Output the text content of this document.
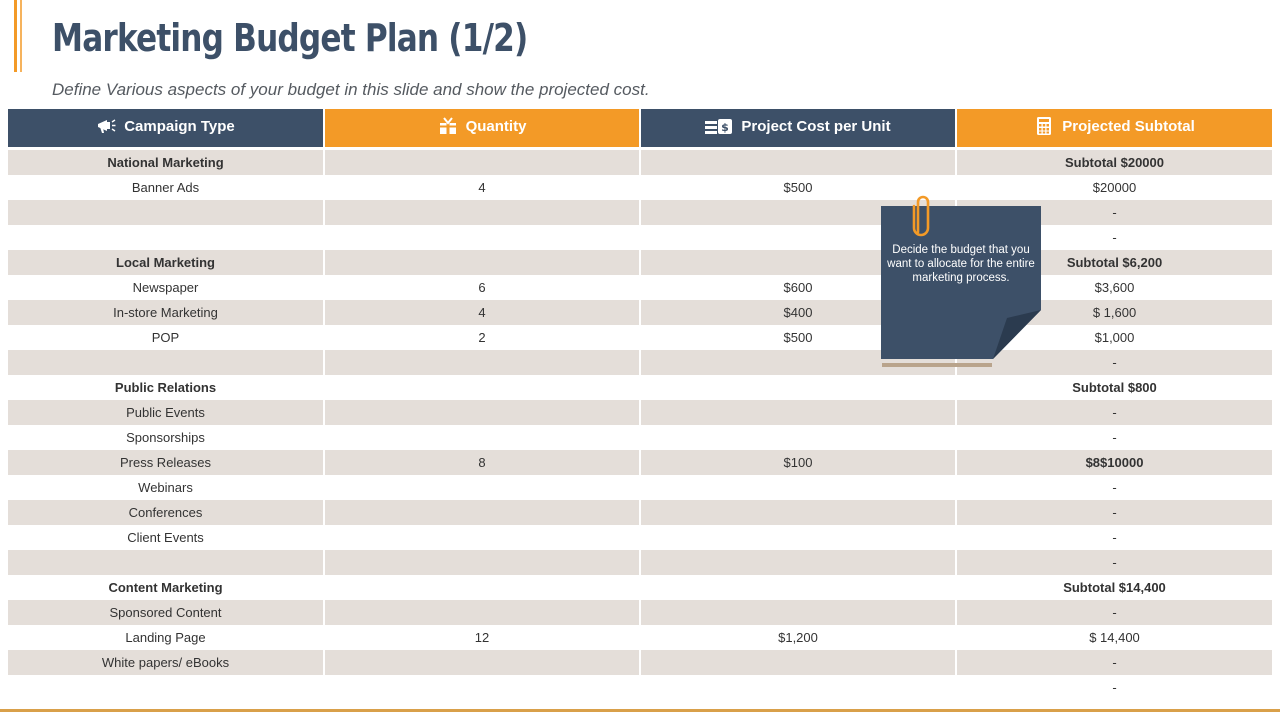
Marketing Budget Plan (1/2)
Define Various aspects of your budget in this slide and show the projected cost.
Campaign Type	Quantity	$ Project Cost per Unit	Projected Subtotal

National Marketing			Subtotal $20000
Banner Ads	4	$500	$20000
			-
			-
Local Marketing			Subtotal $6,200
Newspaper	6	$600	$3,600
In-store Marketing	4	$400	$ 1,600
POP	2	$500	$1,000
			-
Public Relations			Subtotal $800
Public Events			-
Sponsorships			-
Press Releases	8	$100	$8$10000
Webinars			-
Conferences			-
Client Events			-
			-
Content Marketing			Subtotal $14,400
Sponsored Content			-
Landing Page	12	$1,200	$ 14,400
White papers/ eBooks			-
			-
Decide the budget that you want to allocate for the entire marketing process.
